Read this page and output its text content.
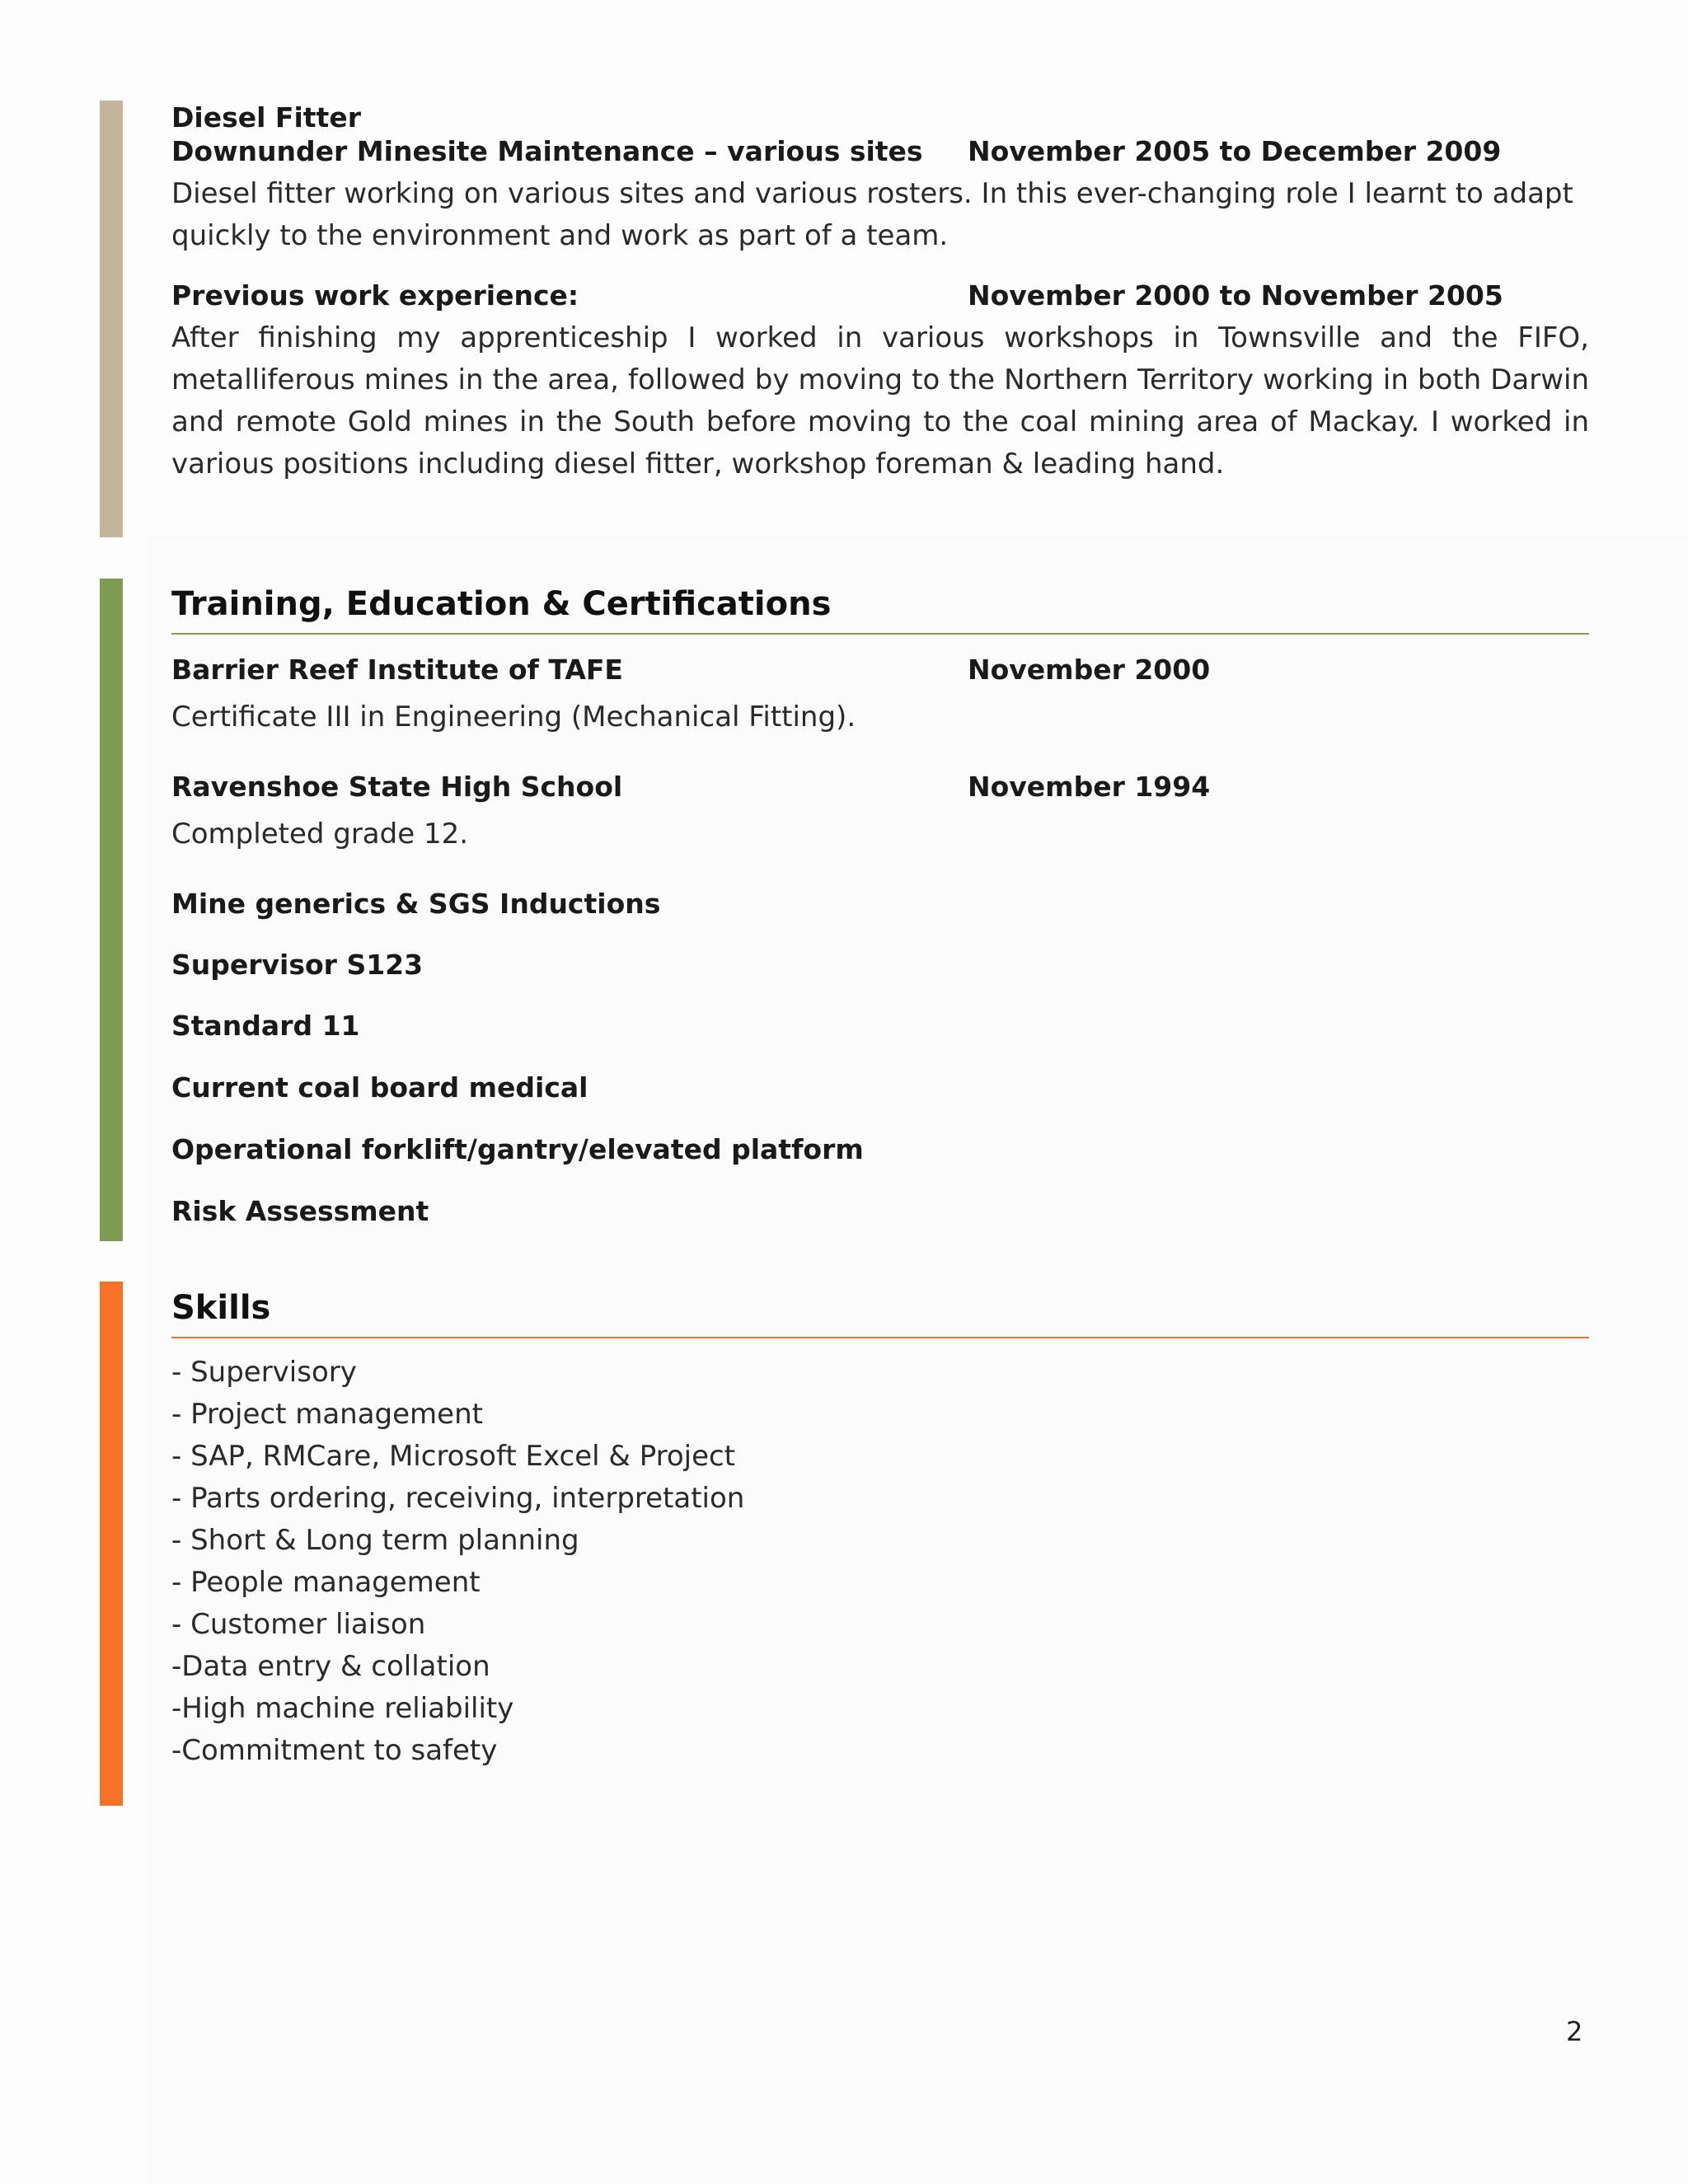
Diesel Fitter
Downunder Minesite Maintenance – various sites November 2005 to December 2009

Diesel fitter working on various sites and various rosters. In this ever-changing role I learnt to adapt quickly to the environment and work as part of a team.

Previous work experience:	November 2000 to November 2005

After finishing my apprenticeship I worked in various workshops in Townsville and the FIFO, metalliferous mines in the area, followed by moving to the Northern Territory working in both Darwin and remote Gold mines in the South before moving to the coal mining area of Mackay. I worked in various positions including diesel fitter, workshop foreman & leading hand.

Training, Education & Certifications
Barrier Reef Institute of TAFE	November 2000
Certificate III in Engineering (Mechanical Fitting).
Ravenshoe State High School	November 1994
Completed grade 12.
Mine generics & SGS Inductions
Supervisor S123
Standard 11
Current coal board medical
Operational forklift/gantry/elevated platform
Risk Assessment
Skills
- Supervisory
- Project management
- SAP, RMCare, Microsoft Excel & Project
- Parts ordering, receiving, interpretation
- Short & Long term planning
- People management
- Customer liaison
-Data entry & collation
-High machine reliability
-Commitment to safety
2
